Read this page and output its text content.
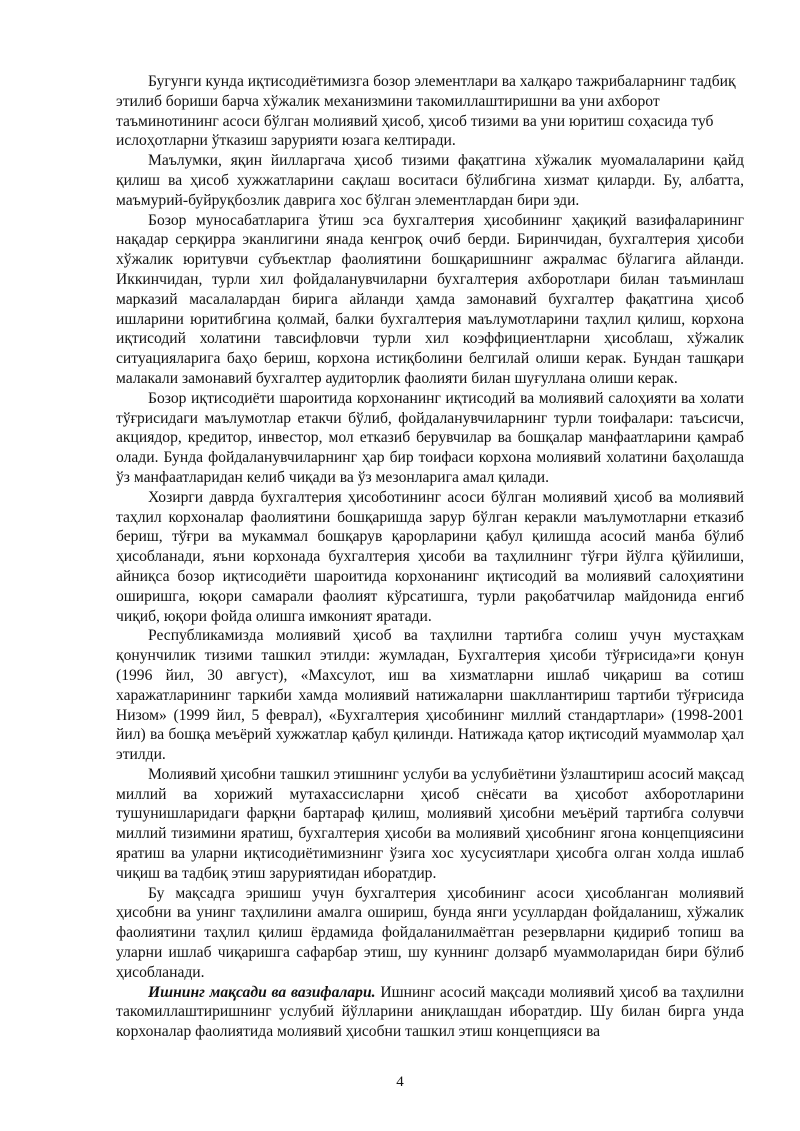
Бугунги кунда иқтисодиётимизга бозор элементлари ва халқаро тажрибаларнинг тадбиқ этилиб бориши барча хўжалик механизмини такомиллаштиришни ва уни ахборот таъминотининг асоси бўлган молиявий ҳисоб, ҳисоб тизими ва уни юритиш соҳасида туб ислоҳотларни ўтказиш зарурияти юзага келтиради.

Маълумки, яқин йилларгача ҳисоб тизими фақатгина хўжалик муомалаларини қайд қилиш ва ҳисоб хужжатларини сақлаш воситаси бўлибгина хизмат қиларди. Бу, албатта, маъмурий-буйруқбозлик даврига хос бўлган элементлардан бири эди.

Бозор муносабатларига ўтиш эса бухгалтерия ҳисобининг ҳақиқий вазифаларининг нақадар серқирра эканлигини янада кенгроқ очиб берди. Биринчидан, бухгалтерия ҳисоби хўжалик юритувчи субъектлар фаолиятини бошқаришнинг ажралмас бўлагига айланди. Иккинчидан, турли хил фойдаланувчиларни бухгалтерия ахборотлари билан таъминлаш марказий масалалардан бирига айланди ҳамда замонавий бухгалтер фақатгина ҳисоб ишларини юритибгина қолмай, балки бухгалтерия маълумотларини таҳлил қилиш, корхона иқтисодий холатини тавсифловчи турли хил коэффициентларни ҳисоблаш, хўжалик ситуацияларига баҳо бериш, корхона истиқболини белгилай олиши керак. Бундан ташқари малакали замонавий бухгалтер аудиторлик фаолияти билан шуғуллана олиши керак.

Бозор иқтисодиёти шароитида корхонанинг иқтисодий ва молиявий салоҳияти ва холати тўғрисидаги маълумотлар етакчи бўлиб, фойдаланувчиларнинг турли тоифалари: таъсисчи, акциядор, кредитор, инвестор, мол етказиб берувчилар ва бошқалар манфаатларини қамраб олади. Бунда фойдаланувчиларнинг ҳар бир тоифаси корхона молиявий холатини баҳолашда ўз манфаатларидан келиб чиқади ва ўз мезонларига амал қилади.

Хозирги даврда бухгалтерия ҳисоботининг асоси бўлган молиявий ҳисоб ва молиявий таҳлил корхоналар фаолиятини бошқаришда зарур бўлган керакли маълумотларни етказиб бериш, тўғри ва мукаммал бошқарув қарорларини қабул қилишда асосий манба бўлиб ҳисобланади, яъни корхонада бухгалтерия ҳисоби ва таҳлилнинг тўғри йўлга қўйилиши, айниқса бозор иқтисодиёти шароитида корхонанинг иқтисодий ва молиявий салоҳиятини оширишга, юқори самарали фаолият кўрсатишга, турли рақобатчилар майдонида енгиб чиқиб, юқори фойда олишга имконият яратади.

Республикамизда молиявий ҳисоб ва таҳлилни тартибга солиш учун мустаҳкам қонунчилик тизими ташкил этилди: жумладан, Бухгалтерия ҳисоби тўғрисида»ги қонун (1996 йил, 30 август), «Махсулот, иш ва хизматларни ишлаб чиқариш ва сотиш харажатларининг таркиби хамда молиявий натижаларни шакллантириш тартиби тўғрисида Низом» (1999 йил, 5 феврал), «Бухгалтерия ҳисобининг миллий стандартлари» (1998-2001 йил) ва бошқа меъёрий хужжатлар қабул қилинди. Натижада қатор иқтисодий муаммолар ҳал этилди.

Молиявий ҳисобни ташкил этишнинг услуби ва услубиётини ўзлаштириш асосий мақсад миллий ва хорижий мутахассисларни ҳисоб снёсати ва ҳисобот ахборотларини тушунишларидаги фарқни бартараф қилиш, молиявий ҳисобни меъёрий тартибга солувчи миллий тизимини яратиш, бухгалтерия ҳисоби ва молиявий ҳисобнинг ягона концепциясини яратиш ва уларни иқтисодиётимизнинг ўзига хос хусусиятлари ҳисобга олган холда ишлаб чиқиш ва тадбиқ этиш заруриятидан иборатдир.

Бу мақсадга эришиш учун бухгалтерия ҳисобининг асоси ҳисобланган молиявий ҳисобни ва унинг таҳлилини амалга ошириш, бунда янги усуллардан фойдаланиш, хўжалик фаолиятини таҳлил қилиш ёрдамида фойдаланилмаётган резервларни қидириб топиш ва уларни ишлаб чиқаришга сафарбар этиш, шу куннинг долзарб муаммоларидан бири бўлиб ҳисобланади.

Ишнинг мақсади ва вазифалари. Ишнинг асосий мақсади молиявий ҳисоб ва таҳлилни такомиллаштиришнинг услубий йўлларини аниқлашдан иборатдир. Шу билан бирга унда корхоналар фаолиятида молиявий ҳисобни ташкил этиш концепцияси ва

4
